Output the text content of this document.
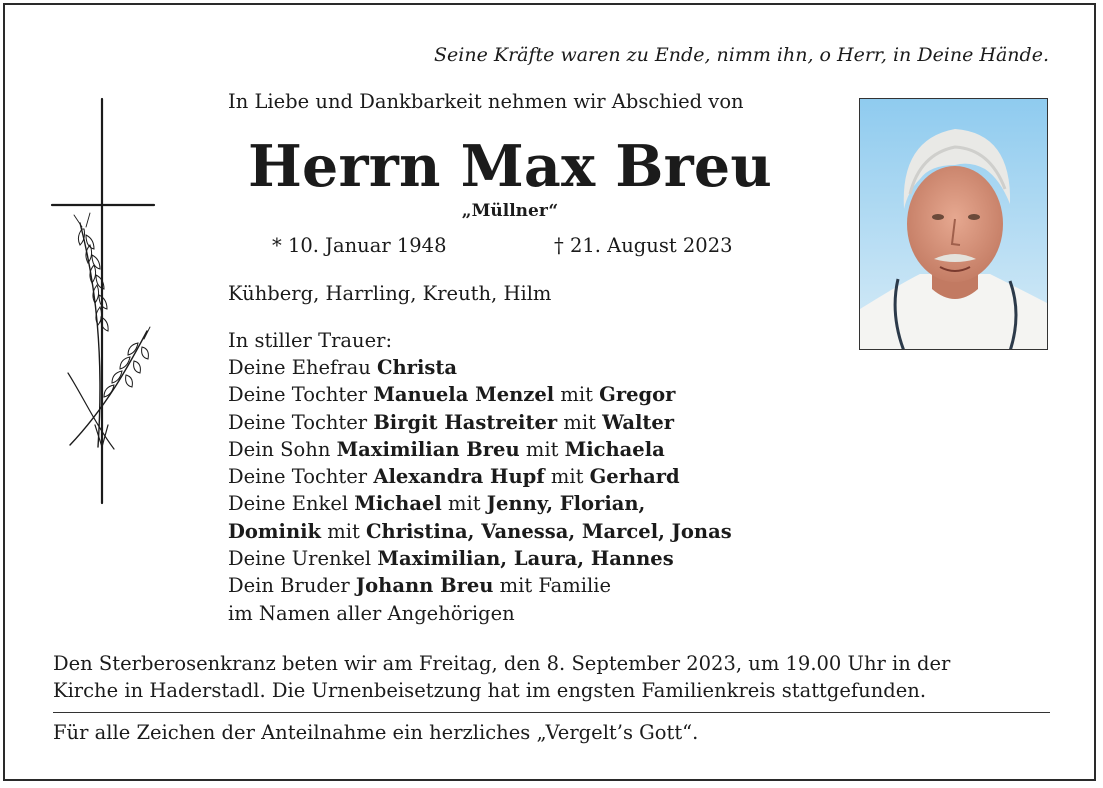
Seine Kräfte waren zu Ende, nimm ihn, o Herr, in Deine Hände.
In Liebe und Dankbarkeit nehmen wir Abschied von
Herrn Max Breu
„Müllner“
* 10. Januar 1948	† 21. August 2023
Kühberg, Harrling, Kreuth, Hilm
In stiller Trauer:
Deine Ehefrau Christa
Deine Tochter Manuela Menzel mit Gregor
Deine Tochter Birgit Hastreiter mit Walter
Dein Sohn Maximilian Breu mit Michaela
Deine Tochter Alexandra Hupf mit Gerhard
Deine Enkel Michael mit Jenny, Florian,
Dominik mit Christina, Vanessa, Marcel, Jonas
Deine Urenkel Maximilian, Laura, Hannes
Dein Bruder Johann Breu mit Familie
im Namen aller Angehörigen
Den Sterberosenkranz beten wir am Freitag, den 8. September 2023, um 19.00 Uhr in der
Kirche in Haderstadl. Die Urnenbeisetzung hat im engsten Familienkreis stattgefunden.
Für alle Zeichen der Anteilnahme ein herzliches „Vergelt’s Gott“.
